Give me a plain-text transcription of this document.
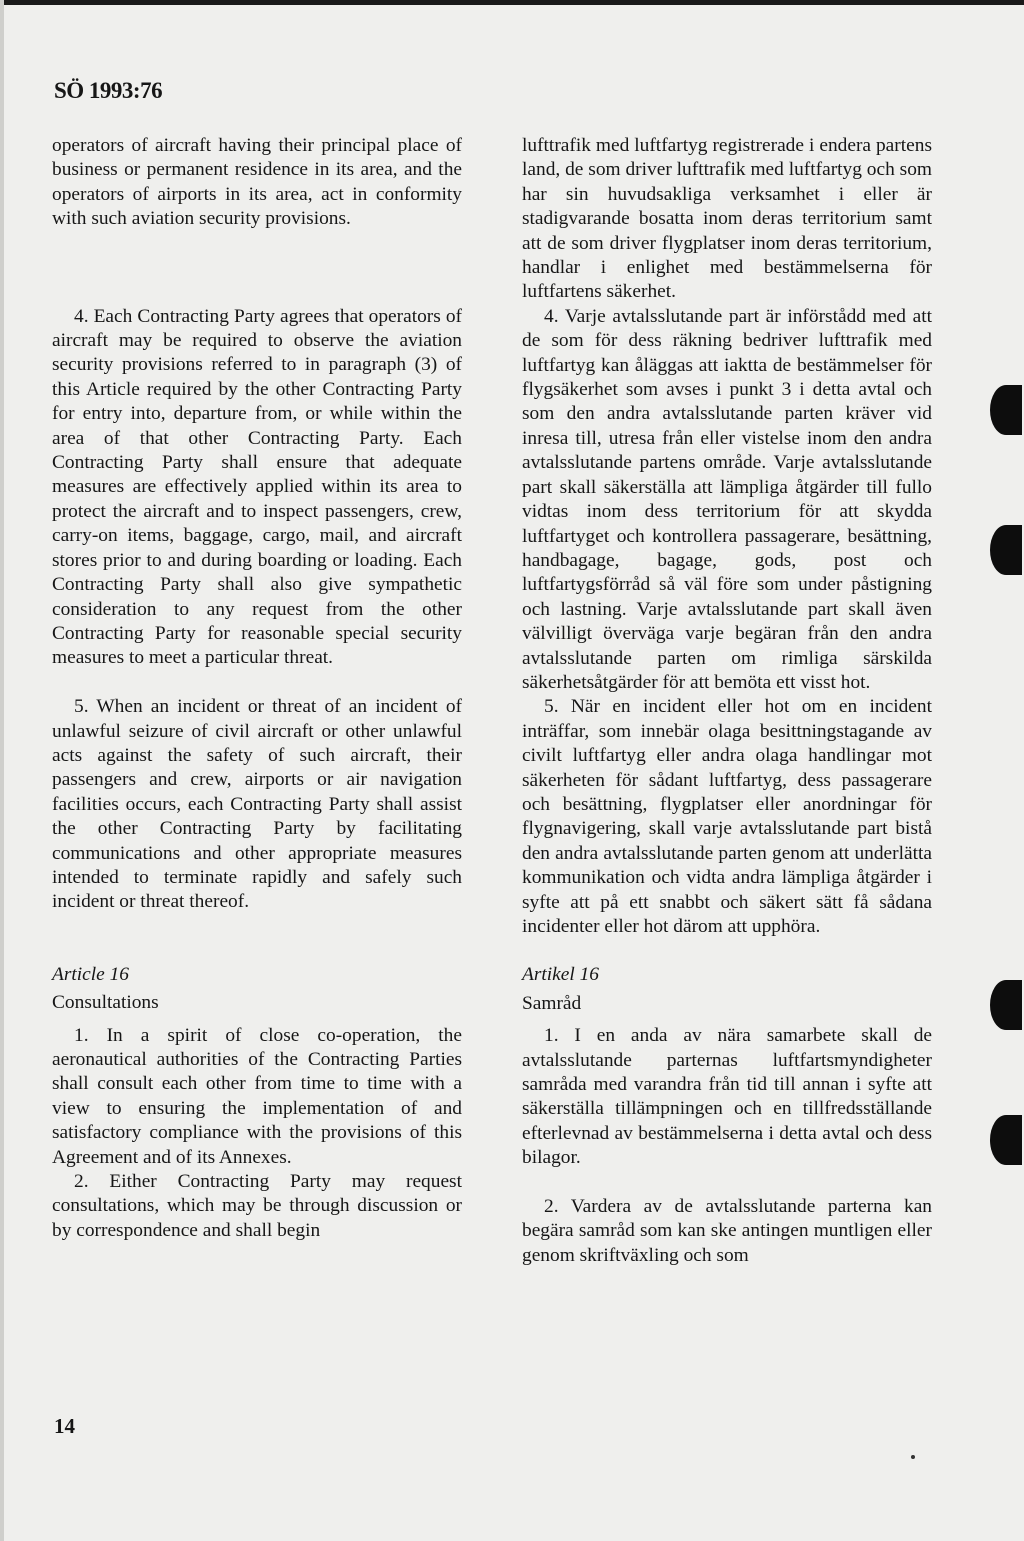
SÖ 1993:76

operators of aircraft having their principal place of business or permanent residence in its area, and the operators of airports in its area, act in conformity with such aviation security provisions.

4. Each Contracting Party agrees that operators of aircraft may be required to observe the aviation security provisions referred to in paragraph (3) of this Article required by the other Contracting Party for entry into, departure from, or while within the area of that other Contracting Party. Each Contracting Party shall ensure that adequate measures are effectively applied within its area to protect the aircraft and to inspect passengers, crew, carry-on items, baggage, cargo, mail, and aircraft stores prior to and during boarding or loading. Each Contracting Party shall also give sympathetic consideration to any request from the other Contracting Party for reasonable special security measures to meet a particular threat.

5. When an incident or threat of an incident of unlawful seizure of civil aircraft or other unlawful acts against the safety of such aircraft, their passengers and crew, airports or air navigation facilities occurs, each Contracting Party shall assist the other Contracting Party by facilitating communications and other appropriate measures intended to terminate rapidly and safely such incident or threat thereof.

Article 16
Consultations

1. In a spirit of close co-operation, the aeronautical authorities of the Contracting Parties shall consult each other from time to time with a view to ensuring the implementation of and satisfactory compliance with the provisions of this Agreement and of its Annexes.

2. Either Contracting Party may request consultations, which may be through discussion or by correspondence and shall begin

lufttrafik med luftfartyg registrerade i endera partens land, de som driver lufttrafik med luftfartyg och som har sin huvudsakliga verksamhet i eller är stadigvarande bosatta inom deras territorium samt att de som driver flygplatser inom deras territorium, handlar i enlighet med bestämmelserna för luftfartens säkerhet.

4. Varje avtalsslutande part är införstådd med att de som för dess räkning bedriver lufttrafik med luftfartyg kan åläggas att iaktta de bestämmelser för flygsäkerhet som avses i punkt 3 i detta avtal och som den andra avtalsslutande parten kräver vid inresa till, utresa från eller vistelse inom den andra avtalsslutande partens område. Varje avtalsslutande part skall säkerställa att lämpliga åtgärder till fullo vidtas inom dess territorium för att skydda luftfartyget och kontrollera passagerare, besättning, handbagage, bagage, gods, post och luftfartygsförråd så väl före som under påstigning och lastning. Varje avtalsslutande part skall även välvilligt överväga varje begäran från den andra avtalsslutande parten om rimliga särskilda säkerhetsåtgärder för att bemöta ett visst hot.

5. När en incident eller hot om en incident inträffar, som innebär olaga besittningstagande av civilt luftfartyg eller andra olaga handlingar mot säkerheten för sådant luftfartyg, dess passagerare och besättning, flygplatser eller anordningar för flygnavigering, skall varje avtalsslutande part bistå den andra avtalsslutande parten genom att underlätta kommunikation och vidta andra lämpliga åtgärder i syfte att på ett snabbt och säkert sätt få sådana incidenter eller hot därom att upphöra.

Artikel 16
Samråd

1. I en anda av nära samarbete skall de avtalsslutande parternas luftfartsmyndigheter samråda med varandra från tid till annan i syfte att säkerställa tillämpningen och en tillfredsställande efterlevnad av bestämmelserna i detta avtal och dess bilagor.

2. Vardera av de avtalsslutande parterna kan begära samråd som kan ske antingen muntligen eller genom skriftväxling och som

14
